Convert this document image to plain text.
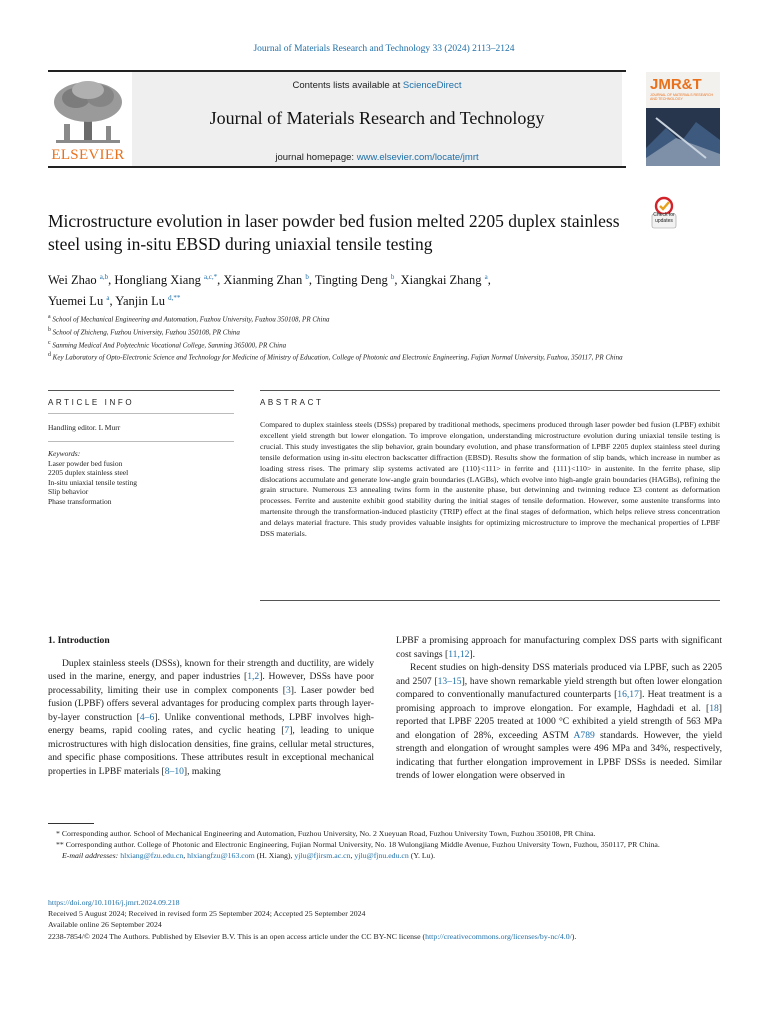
Journal of Materials Research and Technology 33 (2024) 2113–2124
ELSEVIER
Contents lists available at ScienceDirect
Journal of Materials Research and Technology
journal homepage: www.elsevier.com/locate/jmrt
JMR&T
JOURNAL OF MATERIALS RESEARCH AND TECHNOLOGY
Microstructure evolution in laser powder bed fusion melted 2205 duplex stainless steel using in-situ EBSD during uniaxial tensile testing
Check for updates
Wei Zhao $^{a,b}$, Hongliang Xiang $^{a,c,*}$, Xianming Zhan $^b$, Tingting Deng $^b$, Xiangkai Zhang $^a$,
Yuemei Lu $^a$, Yanjin Lu $^{d,**}$
$^a$ School of Mechanical Engineering and Automation, Fuzhou University, Fuzhou 350108, PR China
$^b$ School of Zhicheng, Fuzhou University, Fuzhou 350108, PR China
$^c$ Sanming Medical And Polytechnic Vocational College, Sanming 365000, PR China
$^d$ Key Laboratory of Opto-Electronic Science and Technology for Medicine of Ministry of Education, College of Photonic and Electronic Engineering, Fujian Normal University, Fuzhou, 350117, PR China
ARTICLE INFO	ABSTRACT
Handling editor. L Murr
Keywords:
Laser powder bed fusion
2205 duplex stainless steel
In-situ uniaxial tensile testing
Slip behavior
Phase transformation
Compared to duplex stainless steels (DSSs) prepared by traditional methods, specimens produced through laser powder bed fusion (LPBF) exhibit excellent yield strength but lower elongation. To improve elongation, understanding microstructure evolution during uniaxial tensile testing is crucial. This study investigates the slip behavior, grain boundary evolution, and phase transformation of LPBF 2205 duplex stainless steel during tensile deformation using in-situ electron backscatter diffraction (EBSD). Results show the formation of slip bands, which increase in number as loading stress rises. The primary slip systems activated are {110}<111> in ferrite and {111}<110> in austenite. In the ferrite phase, slip dislocations accumulate and generate low-angle grain boundaries (LAGBs), which evolve into high-angle grain boundaries (HAGBs), refining the grain structure. Numerous Σ3 annealing twins form in the austenite phase, but detwinning and twinning reduce Σ3 content as deformation processes. Ferrite and austenite exhibit good stability during the initial stages of tensile deformation. However, some austenite transforms into martensite through the transformation-induced plasticity (TRIP) effect at the final stages of deformation, which helps relieve stress concentration and delays material fracture. This study provides valuable insights for optimizing microstructure to improve the mechanical properties of LPBF DSS materials.
1. Introduction

Duplex stainless steels (DSSs), known for their strength and ductility, are widely used in the marine, energy, and paper industries [1,2]. However, DSSs have poor processability, limiting their use in complex components [3]. Laser powder bed fusion (LPBF) offers several advantages for producing complex parts through layer-by-layer construction [4–6]. Unlike conventional methods, LPBF involves high-energy beams, rapid cooling rates, and cyclic heating [7], leading to unique microstructures with high dislocation densities, fine grains, cellular metal structures, and specific phase compositions. These attributes result in exceptional mechanical properties in LPBF materials [8–10], making

LPBF a promising approach for manufacturing complex DSS parts with significant cost savings [11,12].

Recent studies on high-density DSS materials produced via LPBF, such as 2205 and 2507 [13–15], have shown remarkable yield strength but often lower elongation compared to conventionally manufactured counterparts [16,17]. Heat treatment is a promising approach to improve elongation. For example, Haghdadi et al. [18] reported that LPBF 2205 treated at 1000 °C exhibited a yield strength of 563 MPa and elongation of 28%, exceeding ASTM A789 standards. However, the yield strength and elongation of wrought samples were 496 MPa and 34%, respectively, indicating that further elongation improvement in LPBF DSSs is needed. Similar trends of lower elongation were observed in

* Corresponding author. School of Mechanical Engineering and Automation, Fuzhou University, No. 2 Xueyuan Road, Fuzhou University Town, Fuzhou 350108, PR China.
** Corresponding author. College of Photonic and Electronic Engineering, Fujian Normal University, No. 18 Wulongjiang Middle Avenue, Fuzhou University Town, Fuzhou, 350117, PR China.
E-mail addresses: hlxiang@fzu.edu.cn, hlxiangfzu@163.com (H. Xiang), yjlu@fjirsm.ac.cn, yjlu@fjnu.edu.cn (Y. Lu).
https://doi.org/10.1016/j.jmrt.2024.09.218
Received 5 August 2024; Received in revised form 25 September 2024; Accepted 25 September 2024
Available online 26 September 2024
2238-7854/© 2024 The Authors. Published by Elsevier B.V. This is an open access article under the CC BY-NC license (http://creativecommons.org/licenses/by-nc/4.0/).
